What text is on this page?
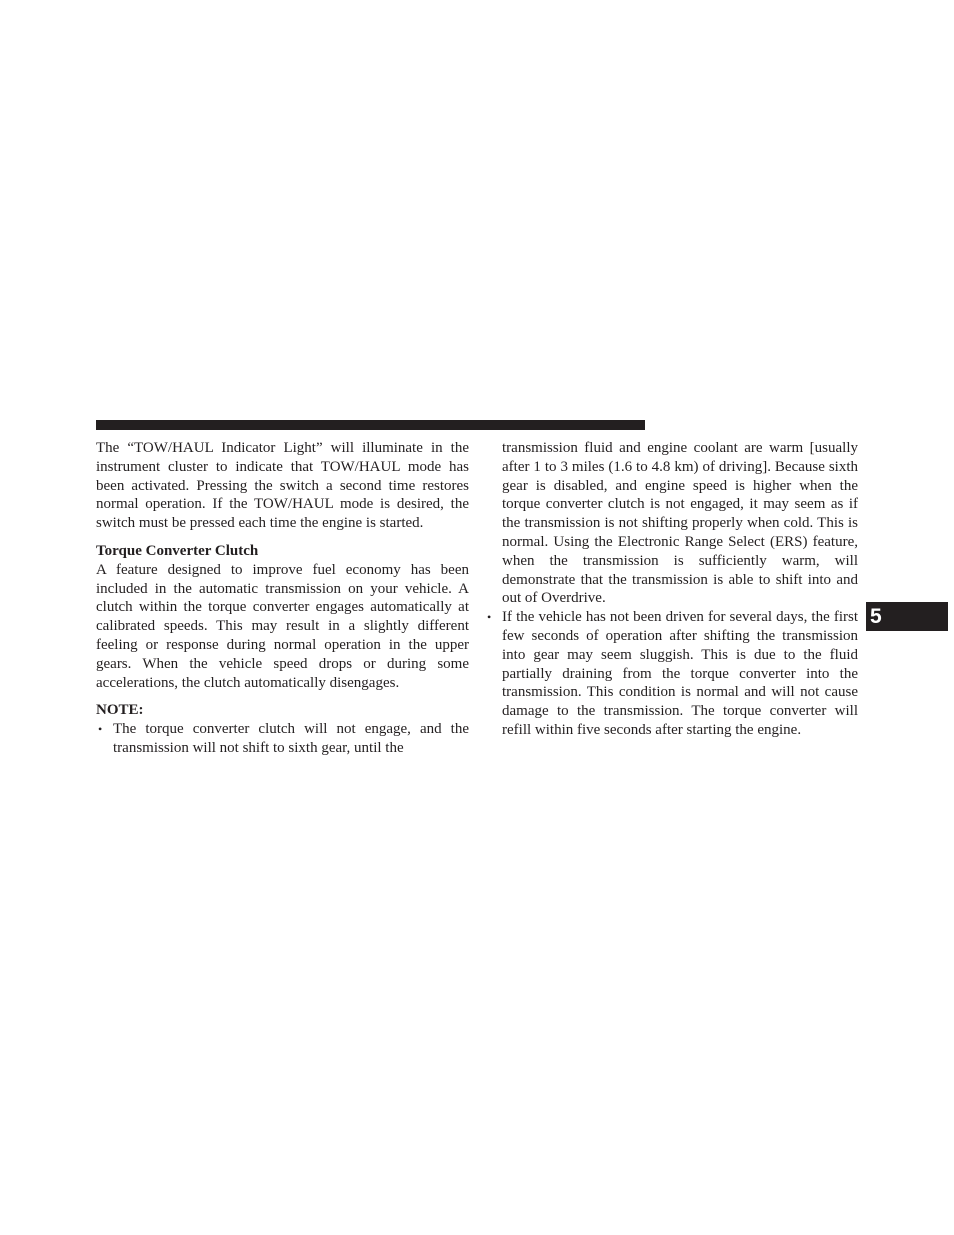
The “TOW/HAUL Indicator Light” will illuminate in the instrument cluster to indicate that TOW/HAUL mode has been activated. Pressing the switch a second time restores normal operation. If the TOW/HAUL mode is desired, the switch must be pressed each time the engine is started.

Torque Converter Clutch

A feature designed to improve fuel economy has been included in the automatic transmission on your vehicle. A clutch within the torque converter engages automatically at calibrated speeds. This may result in a slightly different feeling or response during normal operation in the upper gears. When the vehicle speed drops or during some accelerations, the clutch automatically disengages.

NOTE:

• The torque converter clutch will not engage, and the transmission will not shift to sixth gear, until the

transmission fluid and engine coolant are warm [usually after 1 to 3 miles (1.6 to 4.8 km) of driving]. Because sixth gear is disabled, and engine speed is higher when the torque converter clutch is not engaged, it may seem as if the transmission is not shifting properly when cold. This is normal. Using the Electronic Range Select (ERS) feature, when the transmission is sufficiently warm, will demonstrate that the transmission is able to shift into and out of Overdrive.

• If the vehicle has not been driven for several days, the first few seconds of operation after shifting the transmission into gear may seem sluggish. This is due to the fluid partially draining from the torque converter into the transmission. This condition is normal and will not cause damage to the transmission. The torque converter will refill within five seconds after starting the engine.
5
